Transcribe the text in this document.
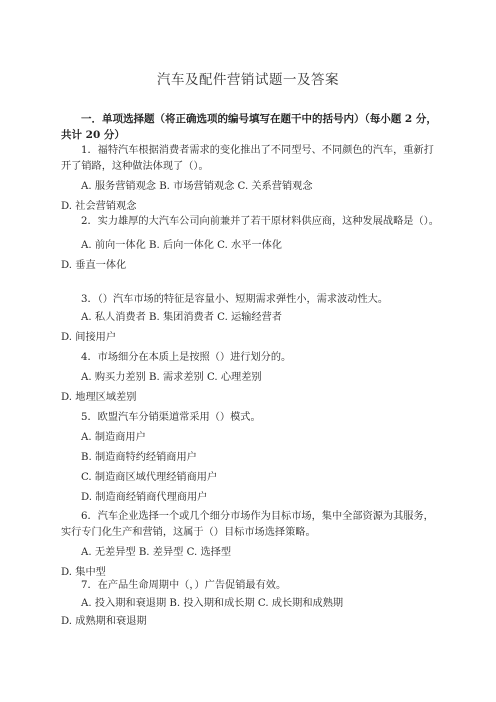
汽车及配件营销试题一及答案
一．单项选择题（将正确选项的编号填写在题干中的括号内）（每小题 2 分，共计 20 分）
1．福特汽车根据消费者需求的变化推出了不同型号、不同颜色的汽车，重新打开了销路，这种做法体现了（）。
A. 服务营销观念 B. 市场营销观念 C. 关系营销观念
D. 社会营销观念
2．实力雄厚的大汽车公司向前兼并了若干原材料供应商，这种发展战略是（）。
A. 前向一体化 B. 后向一体化 C. 水平一体化
D. 垂直一体化
3．（）汽车市场的特征是容量小、短期需求弹性小，需求波动性大。
A. 私人消费者 B. 集团消费者 C. 运输经营者
D. 间接用户
4．市场细分在本质上是按照（）进行划分的。
A. 购买力差别 B. 需求差别 C. 心理差别
D. 地理区域差别
5．欧盟汽车分销渠道常采用（）模式。
A. 制造商用户
B. 制造商特约经销商用户
C. 制造商区域代理经销商用户
D. 制造商经销商代理商用户
6．汽车企业选择一个或几个细分市场作为目标市场，集中全部资源为其服务，实行专门化生产和营销，这属于（）目标市场选择策略。
A. 无差异型 B. 差异型 C. 选择型
D. 集中型
7．在产品生命周期中（，）广告促销最有效。
A. 投入期和衰退期 B. 投入期和成长期 C. 成长期和成熟期
D. 成熟期和衰退期
